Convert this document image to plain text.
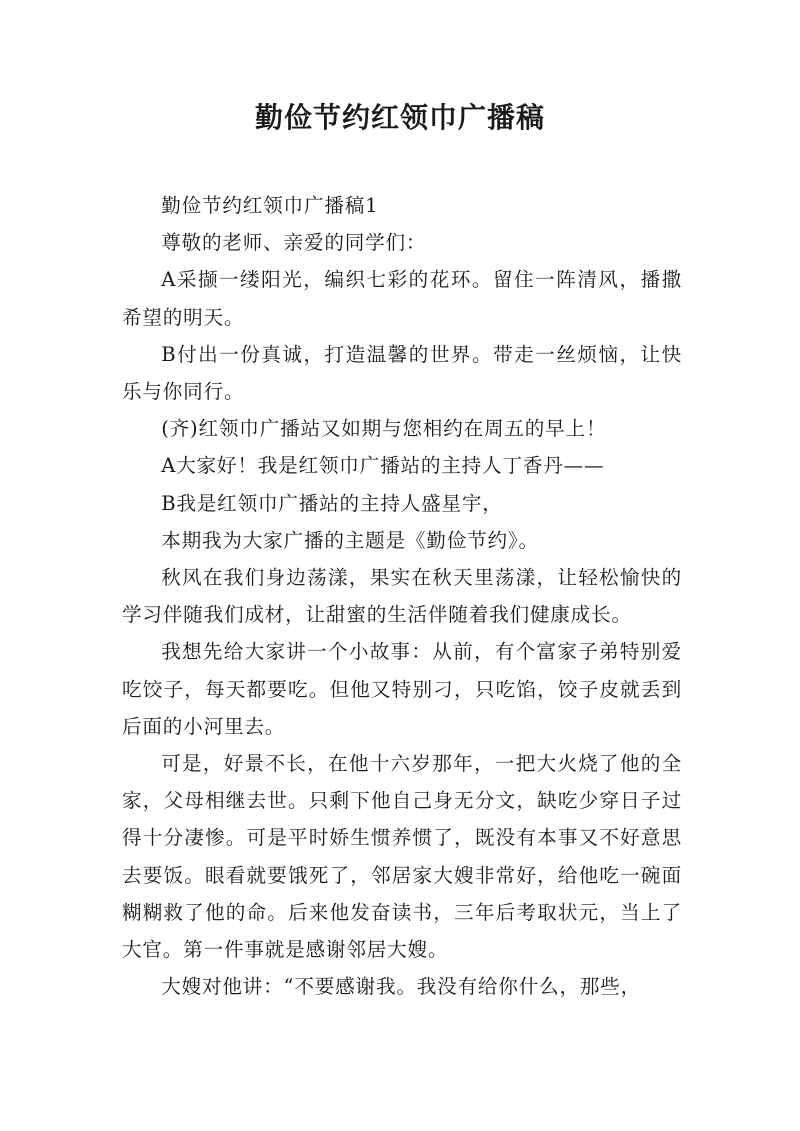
勤俭节约红领巾广播稿

勤俭节约红领巾广播稿1

尊敬的老师、亲爱的同学们：

A采撷一缕阳光，编织七彩的花环。留住一阵清风，播撒希望的明天。

B付出一份真诚，打造温馨的世界。带走一丝烦恼，让快乐与你同行。

(齐)红领巾广播站又如期与您相约在周五的早上！

A大家好！我是红领巾广播站的主持人丁香丹——

B我是红领巾广播站的主持人盛星宇，

本期我为大家广播的主题是《勤俭节约》。

秋风在我们身边荡漾，果实在秋天里荡漾，让轻松愉快的学习伴随我们成材，让甜蜜的生活伴随着我们健康成长。

我想先给大家讲一个小故事：从前，有个富家子弟特别爱吃饺子，每天都要吃。但他又特别刁，只吃馅，饺子皮就丢到后面的小河里去。

可是，好景不长，在他十六岁那年，一把大火烧了他的全家，父母相继去世。只剩下他自己身无分文，缺吃少穿日子过得十分凄惨。可是平时娇生惯养惯了，既没有本事又不好意思去要饭。眼看就要饿死了，邻居家大嫂非常好，给他吃一碗面糊糊救了他的命。后来他发奋读书，三年后考取状元，当上了大官。第一件事就是感谢邻居大嫂。

大嫂对他讲：“不要感谢我。我没有给你什么，那些，
